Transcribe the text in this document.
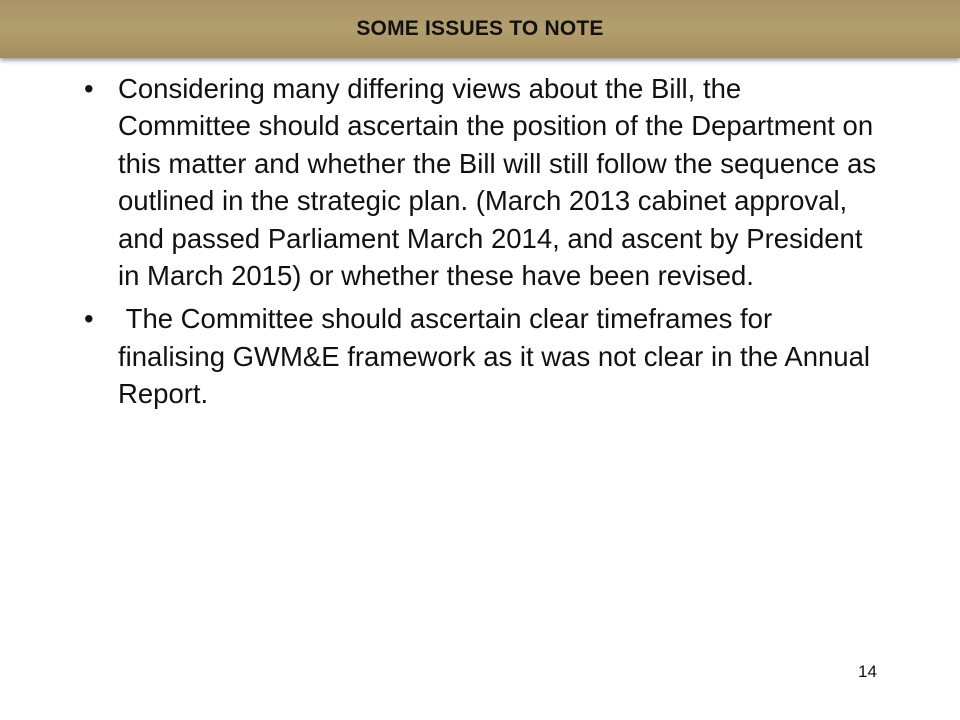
SOME ISSUES TO NOTE
• Considering many differing views about the Bill, the Committee should ascertain the position of the Department on this matter and whether the Bill will still follow the sequence as outlined in the strategic plan. (March 2013 cabinet approval,  and passed Parliament March 2014, and ascent by President in March 2015) or whether these have been revised.
• The Committee should ascertain clear timeframes for finalising GWM&E framework as it was not clear in the Annual Report.
14
